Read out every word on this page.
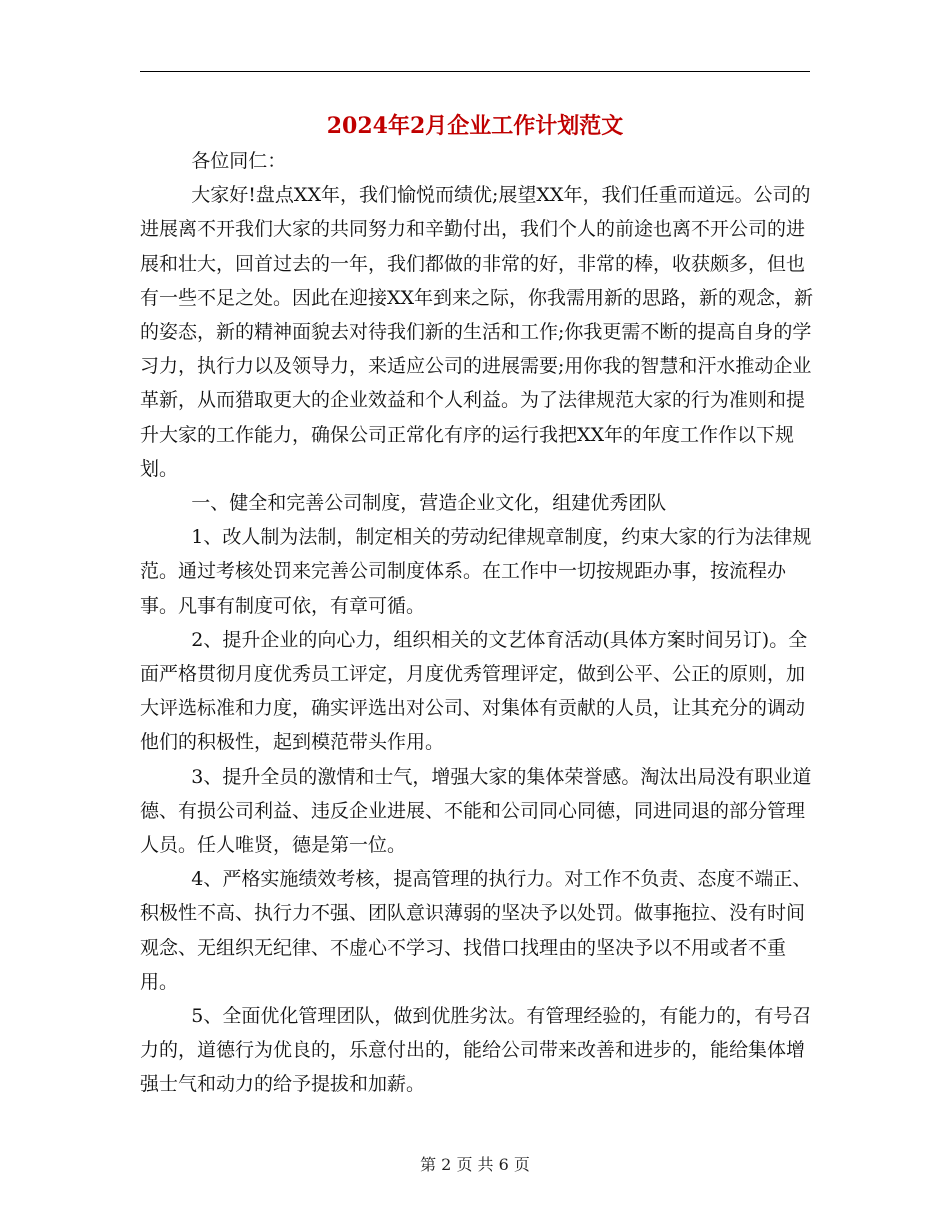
2024年2月企业工作计划范文

各位同仁：

大家好!盘点XX年，我们愉悦而绩优;展望XX年，我们任重而道远。公司的进展离不开我们大家的共同努力和辛勤付出，我们个人的前途也离不开公司的进展和壮大，回首过去的一年，我们都做的非常的好，非常的棒，收获颇多，但也有一些不足之处。因此在迎接XX年到来之际，你我需用新的思路，新的观念，新的姿态，新的精神面貌去对待我们新的生活和工作;你我更需不断的提高自身的学习力，执行力以及领导力，来适应公司的进展需要;用你我的智慧和汗水推动企业革新，从而猎取更大的企业效益和个人利益。为了法律规范大家的行为准则和提升大家的工作能力，确保公司正常化有序的运行我把XX年的年度工作作以下规划。

一、健全和完善公司制度，营造企业文化，组建优秀团队

1、改人制为法制，制定相关的劳动纪律规章制度，约束大家的行为法律规范。通过考核处罚来完善公司制度体系。在工作中一切按规距办事，按流程办事。凡事有制度可依，有章可循。

2、提升企业的向心力，组织相关的文艺体育活动(具体方案时间另订)。全面严格贯彻月度优秀员工评定，月度优秀管理评定，做到公平、公正的原则，加大评选标准和力度，确实评选出对公司、对集体有贡献的人员，让其充分的调动他们的积极性，起到模范带头作用。

3、提升全员的激情和士气，增强大家的集体荣誉感。淘汰出局没有职业道德、有损公司利益、违反企业进展、不能和公司同心同德，同进同退的部分管理人员。任人唯贤，德是第一位。

4、严格实施绩效考核，提高管理的执行力。对工作不负责、态度不端正、积极性不高、执行力不强、团队意识薄弱的坚决予以处罚。做事拖拉、没有时间观念、无组织无纪律、不虚心不学习、找借口找理由的坚决予以不用或者不重用。

5、全面优化管理团队，做到优胜劣汰。有管理经验的，有能力的，有号召力的，道德行为优良的，乐意付出的，能给公司带来改善和进步的，能给集体增强士气和动力的给予提拔和加薪。

第 2 页 共 6 页
